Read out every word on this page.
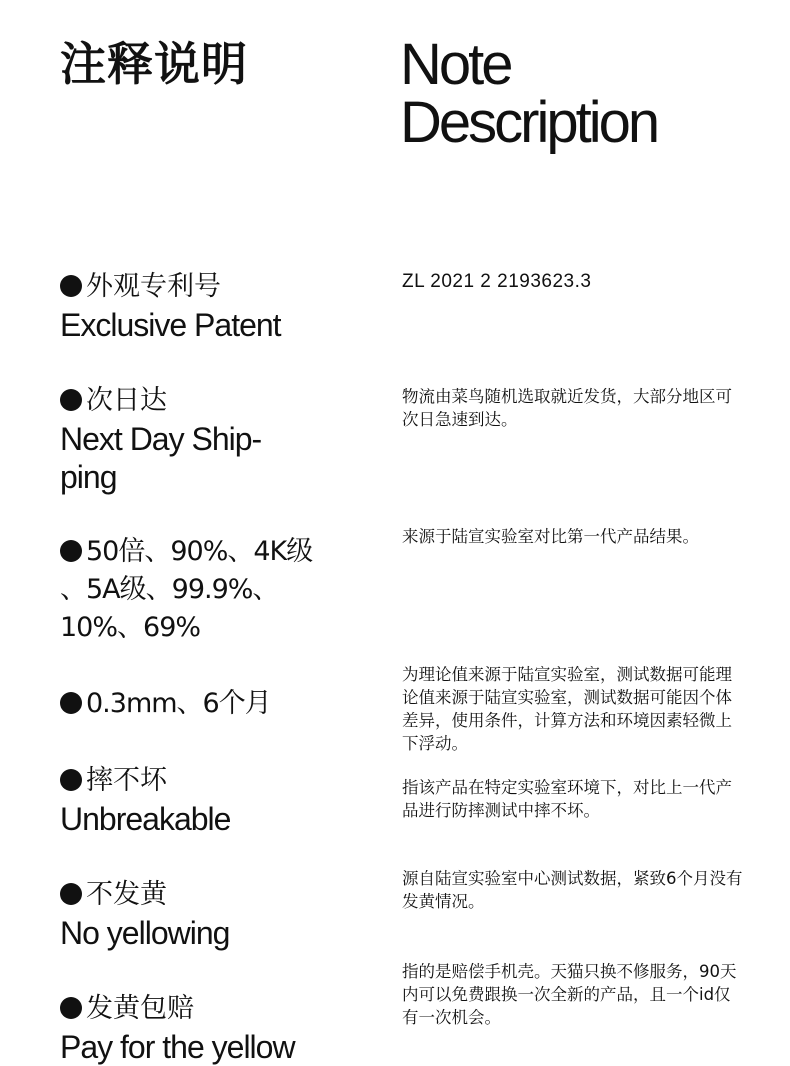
注释说明	Note
Description
外观专利号
Exclusive Patent
ZL 2021 2 2193623.3
次日达
Next Day Ship-
ping
物流由菜鸟随机选取就近发货，大部分地区可次日急速到达。
50倍、90%、4K级
、5A级、99.9%、
10%、69%
来源于陆宣实验室对比第一代产品结果。
0.3mm、6个月
为理论值来源于陆宣实验室，测试数据可能理论值来源于陆宣实验室，测试数据可能因个体差异，使用条件，计算方法和环境因素轻微上下浮动。
摔不坏
Unbreakable
指该产品在特定实验室环境下，对比上一代产品进行防摔测试中摔不坏。
不发黄
No yellowing
源自陆宣实验室中心测试数据，紧致6个月没有发黄情况。
发黄包赔
Pay for the yellow
指的是赔偿手机壳。天猫只换不修服务，90天内可以免费跟换一次全新的产品，且一个id仅有一次机会。
